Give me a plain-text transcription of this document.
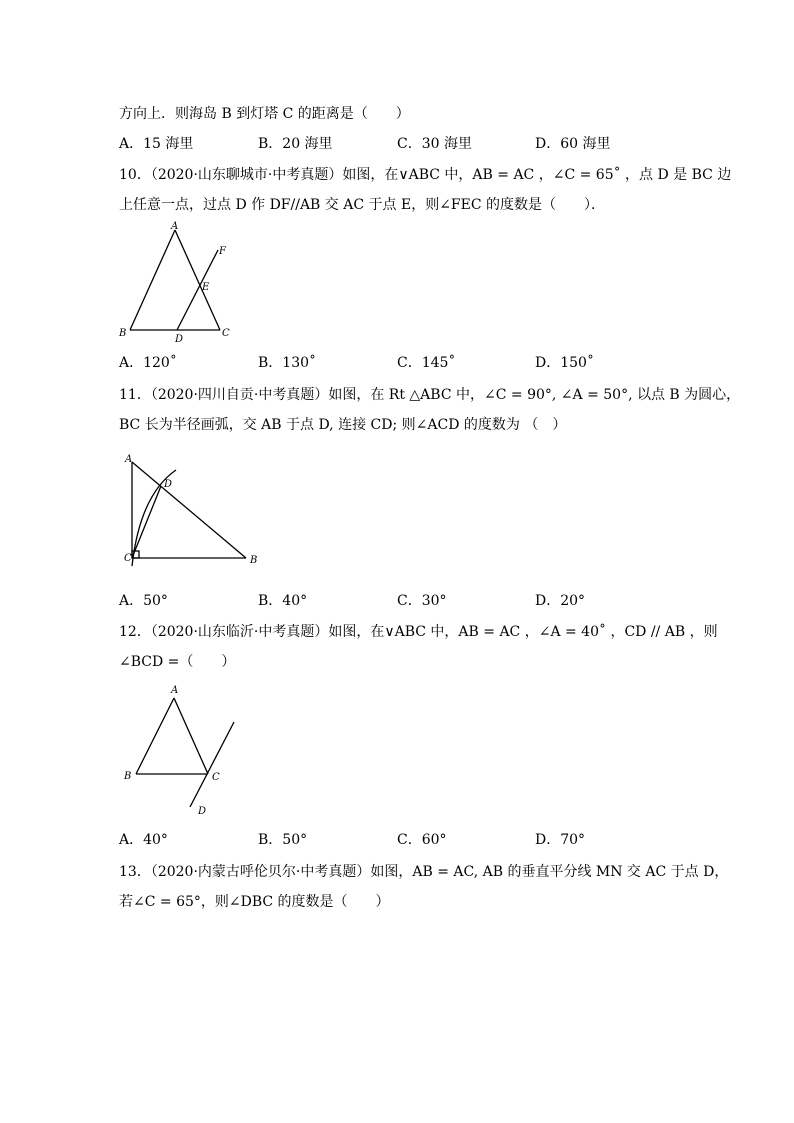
方向上．则海岛 B 到灯塔 C 的距离是（　　）
A．15 海里	B．20 海里	C．30 海里	D．60 海里
10．（2020·山东聊城市·中考真题）如图，在∨ABC 中，AB = AC ，∠C = 65˚ ，点 D 是 BC 边
上任意一点，过点 D 作 DF//AB 交 AC 于点 E，则∠FEC 的度数是（　　）．
A
B	C
D
E
F
A．120˚	B．130˚	C．145˚	D．150˚
11．（2020·四川自贡·中考真题）如图，在 Rt △ABC 中，∠C = 90°, ∠A = 50°, 以点 B 为圆心，
BC 长为半径画弧，交 AB 于点 D, 连接 CD; 则∠ACD 的度数为 （　）
A
C	B
D
A．50°	B．40°	C．30°	D．20°
12．（2020·山东临沂·中考真题）如图，在∨ABC 中，AB = AC ，∠A = 40˚ ，CD // AB ，则
∠BCD =（　　）
A
B	C
D
A．40°	B．50°	C．60°	D．70°
13．（2020·内蒙古呼伦贝尔·中考真题）如图，AB = AC, AB 的垂直平分线 MN 交 AC 于点 D，
若∠C = 65°，则∠DBC 的度数是（　　）
